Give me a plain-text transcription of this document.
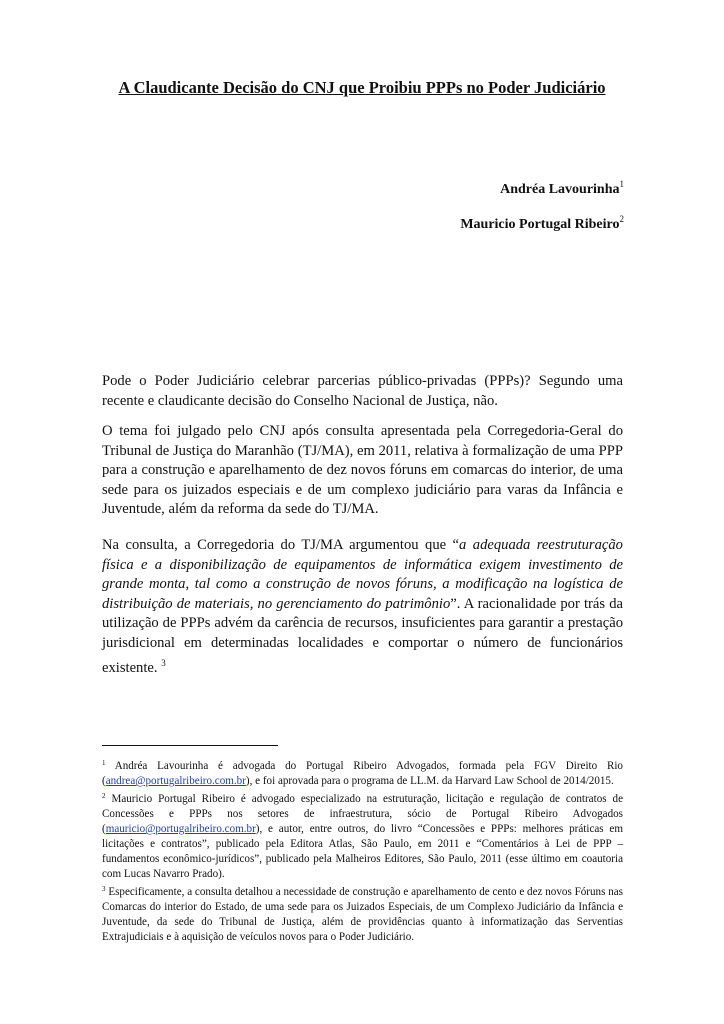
A Claudicante Decisão do CNJ que Proibiu PPPs no Poder Judiciário

Andréa Lavourinha$^1$

Mauricio Portugal Ribeiro$^2$

Pode o Poder Judiciário celebrar parcerias público-privadas (PPPs)? Segundo uma recente e claudicante decisão do Conselho Nacional de Justiça, não.

O tema foi julgado pelo CNJ após consulta apresentada pela Corregedoria-Geral do Tribunal de Justiça do Maranhão (TJ/MA), em 2011, relativa à formalização de uma PPP para a construção e aparelhamento de dez novos fóruns em comarcas do interior, de uma sede para os juizados especiais e de um complexo judiciário para varas da Infância e Juventude, além da reforma da sede do TJ/MA.

Na consulta, a Corregedoria do TJ/MA argumentou que “a adequada reestruturação física e a disponibilização de equipamentos de informática exigem investimento de grande monta, tal como a construção de novos fóruns, a modificação na logística de distribuição de materiais, no gerenciamento do patrimônio”. A racionalidade por trás da utilização de PPPs advém da carência de recursos, insuficientes para garantir a prestação jurisdicional em determinadas localidades e comportar o número de funcionários existente. $^3$

$^1$ Andréa Lavourinha é advogada do Portugal Ribeiro Advogados, formada pela FGV Direito Rio (andrea@portugalribeiro.com.br), e foi aprovada para o programa de LL.M. da Harvard Law School de 2014/2015.

$^2$ Mauricio Portugal Ribeiro é advogado especializado na estruturação, licitação e regulação de contratos de Concessões e PPPs nos setores de infraestrutura, sócio de Portugal Ribeiro Advogados (mauricio@portugalribeiro.com.br), e autor, entre outros, do livro “Concessões e PPPs: melhores práticas em licitações e contratos”, publicado pela Editora Atlas, São Paulo, em 2011 e “Comentários à Lei de PPP – fundamentos econômico-jurídicos”, publicado pela Malheiros Editores, São Paulo, 2011 (esse último em coautoria com Lucas Navarro Prado).

$^3$ Especificamente, a consulta detalhou a necessidade de construção e aparelhamento de cento e dez novos Fóruns nas Comarcas do interior do Estado, de uma sede para os Juizados Especiais, de um Complexo Judiciário da Infância e Juventude, da sede do Tribunal de Justiça, além de providências quanto à informatização das Serventias Extrajudiciais e à aquisição de veículos novos para o Poder Judiciário.
